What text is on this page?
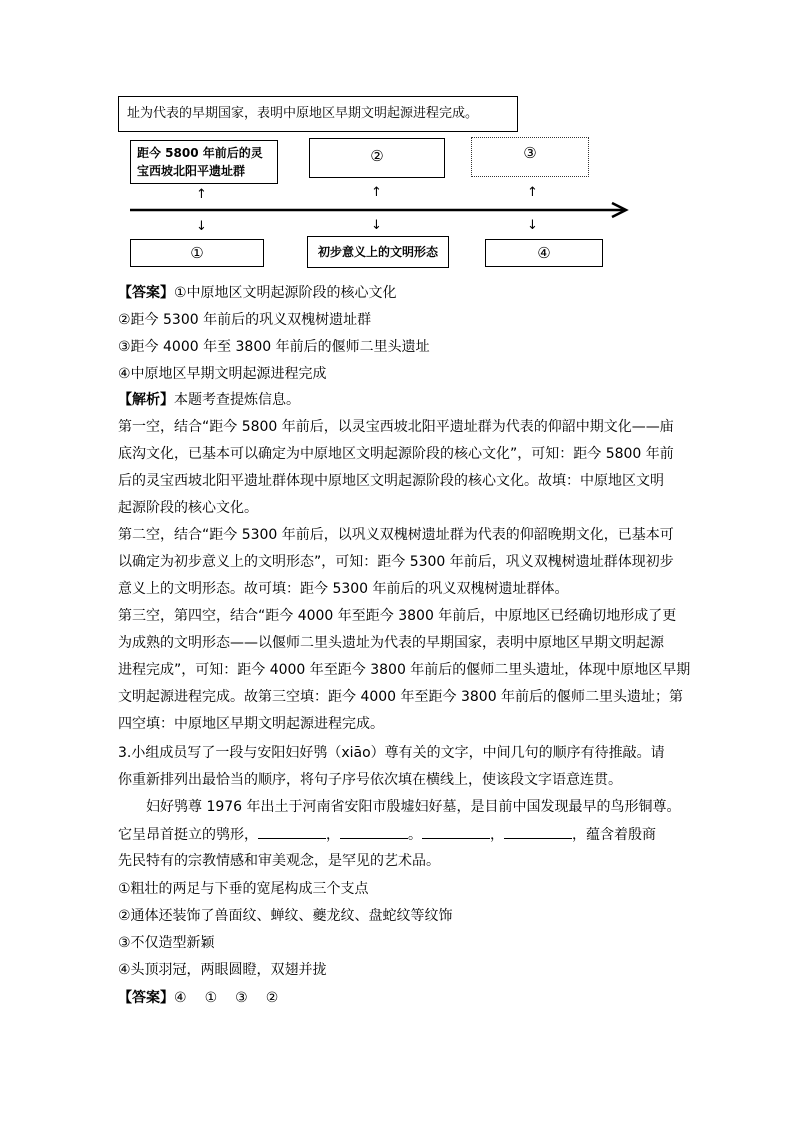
址为代表的早期国家，表明中原地区早期文明起源进程完成。
距今 5800 年前后的灵
宝西坡北阳平遗址群
②	③
①	初步意义上的文明形态	④
↑	↑	↑
↓	↓	↓
【答案】①中原地区文明起源阶段的核心文化
②距今 5300 年前后的巩义双槐树遗址群
③距今 4000 年至 3800 年前后的偃师二里头遗址
④中原地区早期文明起源进程完成
【解析】本题考查提炼信息。
第一空，结合“距今 5800 年前后，以灵宝西坡北阳平遗址群为代表的仰韶中期文化——庙
底沟文化，已基本可以确定为中原地区文明起源阶段的核心文化”，可知：距今 5800 年前
后的灵宝西坡北阳平遗址群体现中原地区文明起源阶段的核心文化。故填：中原地区文明
起源阶段的核心文化。
第二空，结合“距今 5300 年前后，以巩义双槐树遗址群为代表的仰韶晚期文化，已基本可
以确定为初步意义上的文明形态”，可知：距今 5300 年前后，巩义双槐树遗址群体现初步
意义上的文明形态。故可填：距今 5300 年前后的巩义双槐树遗址群体。
第三空，第四空，结合“距今 4000 年至距今 3800 年前后，中原地区已经确切地形成了更
为成熟的文明形态——以偃师二里头遗址为代表的早期国家，表明中原地区早期文明起源
进程完成”，可知：距今 4000 年至距今 3800 年前后的偃师二里头遗址，体现中原地区早期
文明起源进程完成。故第三空填：距今 4000 年至距今 3800 年前后的偃师二里头遗址；第
四空填：中原地区早期文明起源进程完成。
3.小组成员写了一段与安阳妇好鸮（xiāo）尊有关的文字，中间几句的顺序有待推敲。请
你重新排列出最恰当的顺序，将句子序号依次填在横线上，使该段文字语意连贯。
妇好鸮尊 1976 年出土于河南省安阳市殷墟妇好墓，是目前中国发现最早的鸟形铜尊。
它呈昂首挺立的鸮形，	，	。	，	，蕴含着殷商
先民特有的宗教情感和审美观念，是罕见的艺术品。
①粗壮的两足与下垂的宽尾构成三个支点
②通体还装饰了兽面纹、蝉纹、夔龙纹、盘蛇纹等纹饰
③不仅造型新颖
④头顶羽冠，两眼圆瞪，双翅并拢
【答案】④ ① ③ ②
